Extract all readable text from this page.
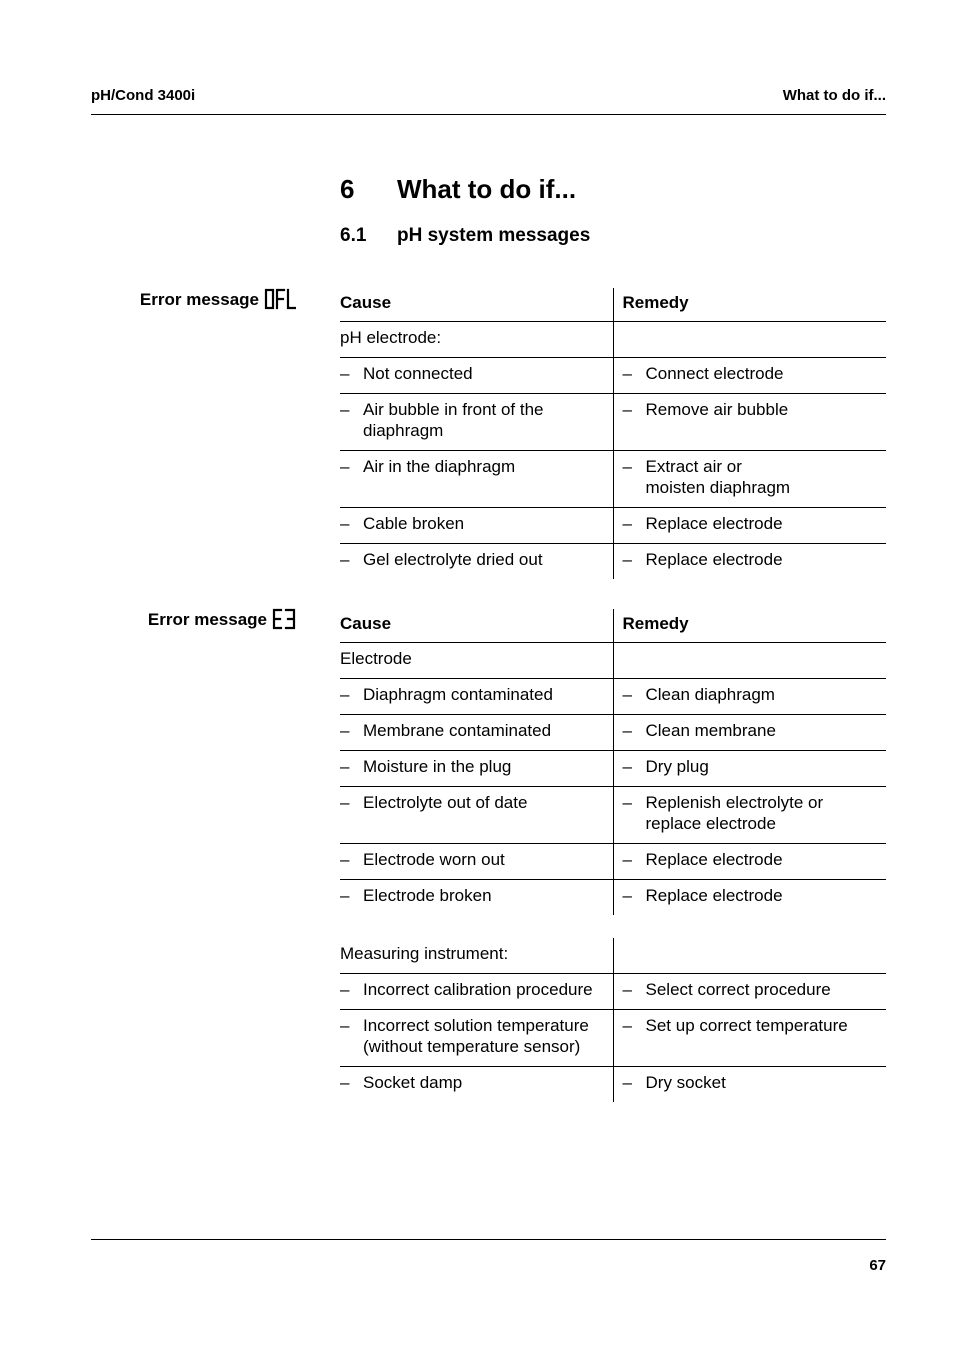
pH/Cond 3400i	What to do if...
6 What to do if...
6.1 pH system messages
Error message	Cause	Remedy
pH electrode:	

– Not connected	– Connect electrode

– Air bubble in front of the diaphragm	– Remove air bubble

– Air in the diaphragm	– Extract air or moisten diaphragm

– Cable broken	– Replace electrode

– Gel electrolyte dried out	– Replace electrode
Error message	Cause	Remedy
Electrode	

– Diaphragm contaminated	– Clean diaphragm

– Membrane contaminated	– Clean membrane

– Moisture in the plug	– Dry plug

– Electrolyte out of date	– Replenish electrolyte or replace electrode

– Electrode worn out	– Replace electrode

– Electrode broken	– Replace electrode
Measuring instrument:	

– Incorrect calibration procedure	– Select correct procedure

– Incorrect solution temperature (without temperature sensor)	– Set up correct temperature

– Socket damp	– Dry socket
67
